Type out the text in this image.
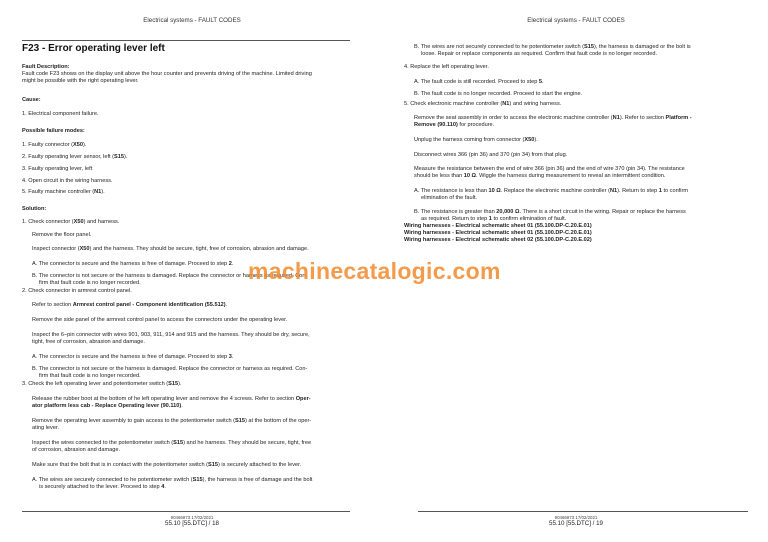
Electrical systems - FAULT CODES
F23 - Error operating lever left
Fault Description:
Fault code F23 shows on the display unit above the hour counter and prevents driving of the machine. Limited driving
might be possible with the right operating lever.
Cause:
1. Electrical component failure.
Possible failure modes:
1. Faulty connector (X50).
2. Faulty operating lever sensor, left (S15).
3. Faulty operating lever, left
4. Open circuit in the wiring harness.
5. Faulty machine controller (N1).
Solution:
1. Check connector (X50) and harness.
Remove the floor panel.
Inspect connector (X50) and the harness. They should be secure, tight, free of corrosion, abrasion and damage.
A. The connector is secure and the harness is free of damage. Proceed to step 2.
B. The connector is not secure or the harness is damaged. Replace the connector or harness as required. Con-
firm that fault code is no longer recorded.
2. Check connector in armrest control panel.
Refer to section Armrest control panel - Component identification (55.512).
Remove the side panel of the armrest control panel to access the connectors under the operating lever.
Inspect the 6–pin connector with wires 901, 903, 911, 914 and 915 and the harness. They should be dry, secure,
tight, free of corrosion, abrasion and damage.
A. The connector is secure and the harness is free of damage. Proceed to step 3.
B. The connector is not secure or the harness is damaged. Replace the connector or harness as required. Con-
firm that fault code is no longer recorded.
3. Check the left operating lever and potentiometer switch (S15).
Release the rubber boot at the bottom of he left operating lever and remove the 4 screws. Refer to section Oper-
ator platform less cab - Replace Operating lever (90.110).
Remove the operating lever assembly to gain access to the potentiometer switch (S15) at the bottom of the oper-
ating lever.
Inspect the wires connected to the potentiometer switch (S15) and he harness. They should be secure, tight, free
of corrosion, abrasion and damage.
Make sure that the bolt that is in contact with the potentiometer switch (S15) is securely attached to the lever.
A. The wires are securely connected to he potentiometer switch (S15), the harness is free of damage and the bolt
is securely attached to the lever. Proceed to step 4.
90466873 17/02/2021
55.10 [55.DTC] / 18
Electrical systems - FAULT CODES
B. The wires are not securely connected to he potentiometer switch (S15), the harness is damaged or the bolt is
loose. Repair or replace components as required. Confirm that fault code is no longer recorded.
4. Replace the left operating lever.
A. The fault code is still recorded. Proceed to step 5.
B. The fault code is no longer recorded. Proceed to start the engine.
5. Check electronic machine controller (N1) and wiring harness.
Remove the seat assembly in order to access the electronic machine controller (N1). Refer to section Platform -
Remove (90.110) for procedure.
Unplug the harness coming from connector (X50).
Disconnect wires 366 (pin 36) and 370 (pin 34) from that plug.
Measure the resistance between the end of wire 366 (pin 36) and the end of wire 370 (pin 34). The resistance
should be less than 10 Ω. Wiggle the harness during measurement to reveal an intermittent condition.
A. The resistance is less than 10 Ω. Replace the electronic machine controller (N1). Return to step 1 to confirm
elimination of the fault.
B. The resistance is greater than 20,000 Ω. There is a short circuit in the wiring. Repair or replace the harness
as required. Return to step 1 to confirm elimination of fault.
Wiring harnesses - Electrical schematic sheet 01 (55.100.DP-C.20.E.01)
Wiring harnesses - Electrical schematic sheet 01 (55.100.DP-C.20.E.01)
Wiring harnesses - Electrical schematic sheet 02 (55.100.DP-C.20.E.02)
90466873 17/02/2021
55.10 [55.DTC] / 19
machinecatalogic.com
